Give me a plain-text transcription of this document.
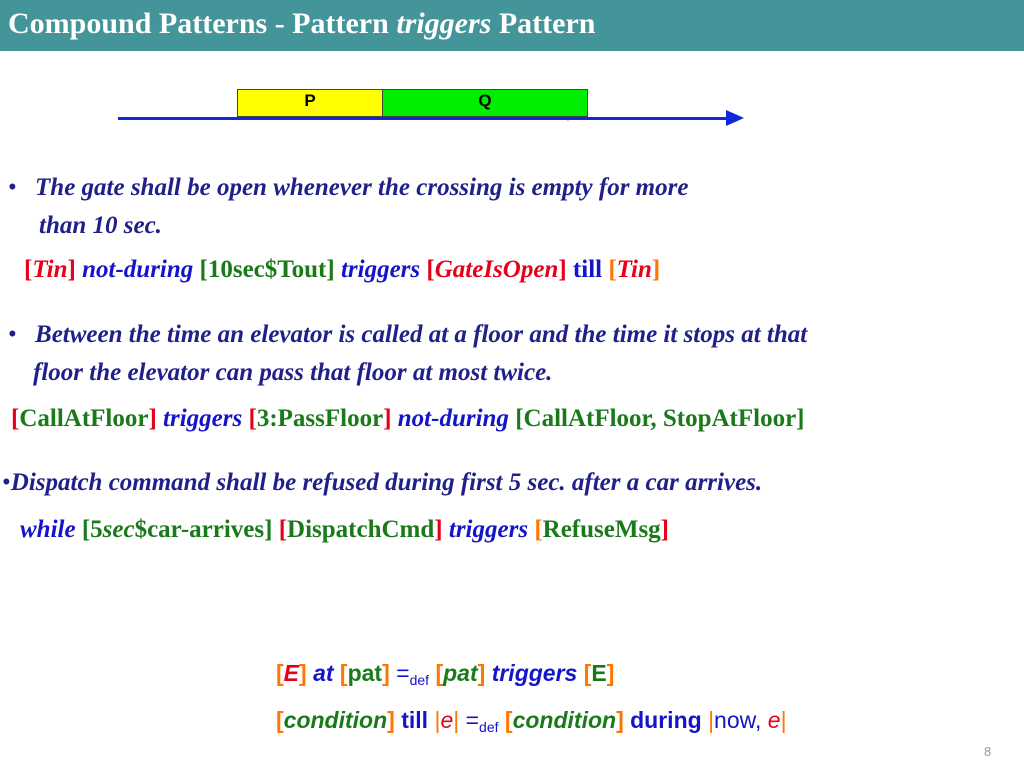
Compound Patterns - Pattern triggers Pattern
P	Q
`
• The gate shall be open whenever the crossing is empty for more
than 10 sec.
[Tin] not-during [10sec$Tout] triggers [GateIsOpen] till [Tin]
• Between the time an elevator is called at a floor and the time it stops at that
floor the elevator can pass that floor at most twice.
[CallAtFloor] triggers [3:PassFloor] not-during [CallAtFloor, StopAtFloor]
•Dispatch command shall be refused during first 5 sec. after a car arrives.
while [5sec$car-arrives] [DispatchCmd] triggers [RefuseMsg]
[E] at $[pat] =_{def}$ [pat] triggers [E]
[condition] till $|e| =_{def}$ [condition] during |now, e|
8
